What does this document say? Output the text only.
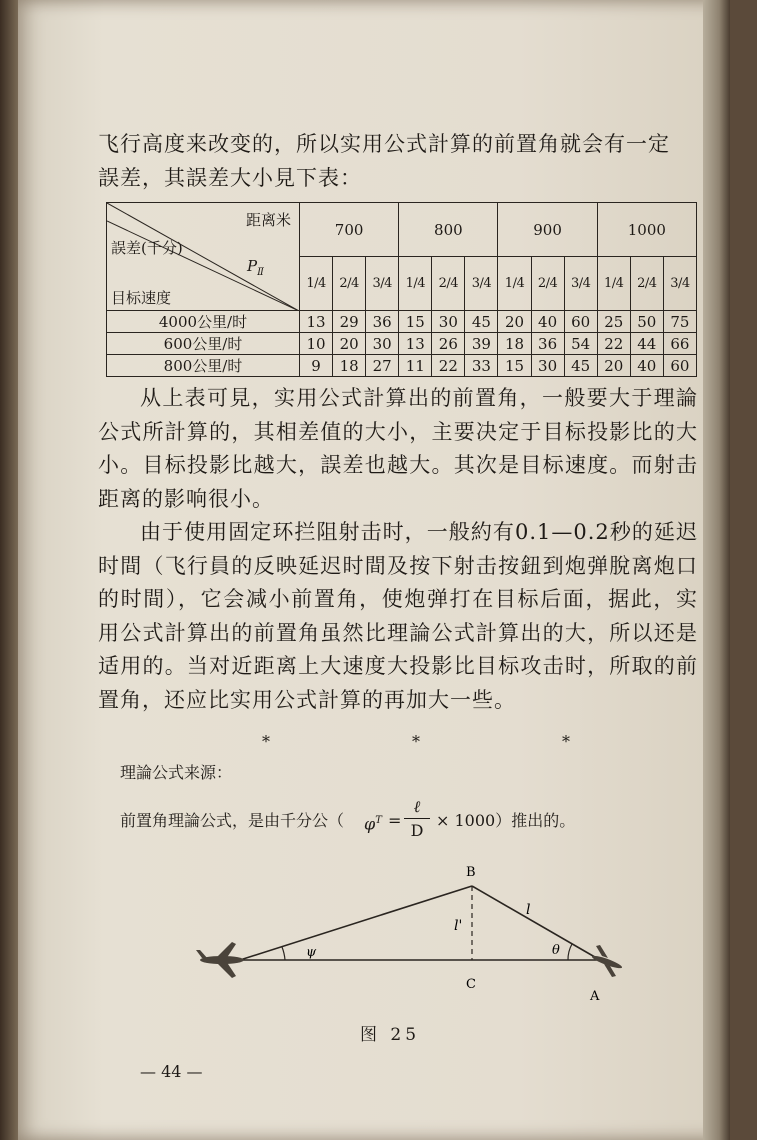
飞行高度来改变的，所以实用公式計算的前置角就会有一定

誤差，其誤差大小見下表：

距离米
誤差(千分)
$P_Ⅱ$
目标速度	700			800			900			1000		
	1/4	2/4	3/4	1/4	2/4	3/4	1/4	2/4	3/4	1/4	2/4	3/4
4000公里/时	13	29	36	15	30	45	20	40	60	25	50	75
600公里/时	10	20	30	13	26	39	18	36	54	22	44	66
800公里/时	9	18	27	11	22	33	15	30	45	20	40	60

从上表可見，实用公式計算出的前置角，一般要大于理論公式所計算的，其相差值的大小，主要决定于目标投影比的大小。目标投影比越大，誤差也越大。其次是目标速度。而射击距离的影响很小。

由于使用固定环拦阻射击时，一般約有0.1—0.2秒的延迟时間（飞行員的反映延迟时間及按下射击按鈕到炮弹脫离炮口的时間），它会减小前置角，使炮弹打在目标后面，据此，实用公式計算出的前置角虽然比理論公式計算出的大，所以还是适用的。当对近距离上大速度大投影比目标攻击时，所取的前置角，还应比实用公式計算的再加大一些。

*	*	*
理論公式来源：
前置角理論公式，是由千分公（ $\varphi^T$ =
ℓ
D
× 1000）推出的。
B
C
A
l
l'
ψ	θ
图 25
— 44 —
